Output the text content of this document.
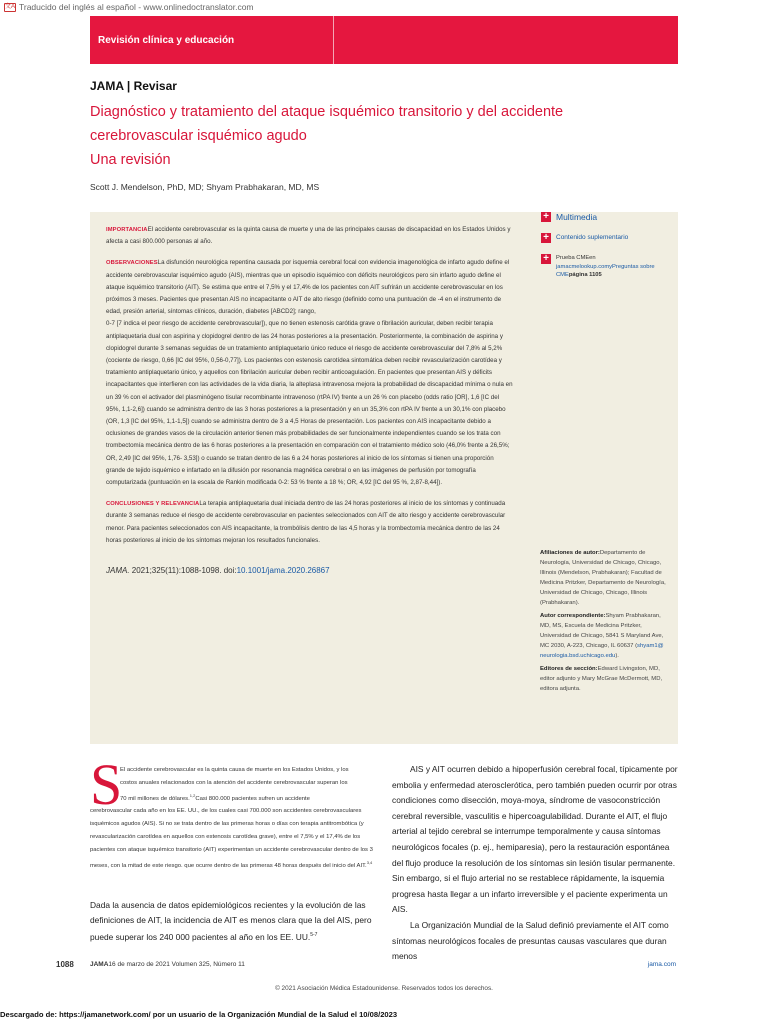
文A Traducido del inglés al español - www.onlinedoctranslator.com
Revisión clínica y educación
JAMA | Revisar
Diagnóstico y tratamiento del ataque isquémico transitorio y del accidente
cerebrovascular isquémico agudo
Una revisión
Scott J. Mendelson, PhD, MD; Shyam Prabhakaran, MD, MS
IMPORTANCIAEl accidente cerebrovascular es la quinta causa de muerte y una de las principales causas de discapacidad en los Estados Unidos y afecta a casi 800.000 personas al año.
OBSERVACIONESLa disfunción neurológica repentina causada por isquemia cerebral focal con evidencia imagenológica de infarto agudo define el accidente cerebrovascular isquémico agudo (AIS), mientras que un episodio isquémico con déficits neurológicos pero sin infarto agudo define el ataque isquémico transitorio (AIT). Se estima que entre el 7,5% y el 17,4% de los pacientes con AIT sufrirán un accidente cerebrovascular en los próximos 3 meses. Pacientes que presentan AIS no incapacitante o AIT de alto riesgo (definido como una puntuación de -4 en el instrumento de edad, presión arterial, síntomas clínicos, duración, diabetes [ABCD2]; rango,
0-7 [7 indica el peor riesgo de accidente cerebrovascular]), que no tienen estenosis carótida grave o fibrilación auricular, deben recibir terapia antiplaquetaria dual con aspirina y clopidogrel dentro de las 24 horas posteriores a la presentación. Posteriormente, la combinación de aspirina y clopidogrel durante 3 semanas seguidas de un tratamiento antiplaquetario único reduce el riesgo de accidente cerebrovascular del 7,8% al 5,2% (cociente de riesgo, 0,66 [IC del 95%, 0,56-0,77]). Los pacientes con estenosis carotídea sintomática deben recibir revascularización carotídea y tratamiento antiplaquetario único, y aquellos con fibrilación auricular deben recibir anticoagulación. En pacientes que presentan AIS y déficits incapacitantes que interfieren con las actividades de la vida diaria, la alteplasa intravenosa mejora la probabilidad de discapacidad mínima o nula en un 39 % con el activador del plasminógeno tisular recombinante intravenoso (rtPA IV) frente a un 26 % con placebo (odds ratio [OR], 1,6 [IC del 95%, 1,1-2,6]) cuando se administra dentro de las 3 horas posteriores a la presentación y en un 35,3% con rtPA IV frente a un 30,1% con placebo (OR, 1,3 [IC del 95%, 1,1-1,5]) cuando se administra dentro de 3 a 4,5 Horas de presentación. Los pacientes con AIS incapacitante debido a oclusiones de grandes vasos de la circulación anterior tienen más probabilidades de ser funcionalmente independientes cuando se los trata con trombectomía mecánica dentro de las 6 horas posteriores a la presentación en comparación con el tratamiento médico solo (46,0% frente a 26,5%; OR, 2,49 [IC del 95%, 1,76- 3,53]) o cuando se tratan dentro de las 6 a 24 horas posteriores al inicio de los síntomas si tienen una proporción grande de tejido isquémico e infartado en la difusión por resonancia magnética cerebral o en las imágenes de perfusión por tomografía computarizada (puntuación en la escala de Rankin modificada 0-2: 53 % frente a 18 %; OR, 4,92 [IC del 95 %, 2,87-8,44]).
CONCLUSIONES Y RELEVANCIALa terapia antiplaquetaria dual iniciada dentro de las 24 horas posteriores al inicio de los síntomas y continuada durante 3 semanas reduce el riesgo de accidente cerebrovascular en pacientes seleccionados con AIT de alto riesgo y accidente cerebrovascular menor. Para pacientes seleccionados con AIS incapacitante, la trombólisis dentro de las 4,5 horas y la trombectomía mecánica dentro de las 24 horas posteriores al inicio de los síntomas mejoran los resultados funcionales.
JAMA. 2021;325(11):1088-1098. doi:10.1001/jama.2020.26867
+ Multimedia
+	Contenido suplementario
+	Prueba CMEen
jamacmelookup.comyPreguntas sobre CMEpágina 1105

Afiliaciones de autor:Departamento de Neurología, Universidad de Chicago, Chicago, Illinois (Mendelson, Prabhakaran); Facultad de Medicina Pritzker, Departamento de Neurología, Universidad de Chicago, Chicago, Illinois (Prabhakaran).

Autor correspondiente:Shyam Prabhakaran, MD, MS, Escuela de Medicina Pritzker, Universidad de Chicago, 5841 S Maryland Ave, MC 2030, A-223, Chicago, IL 60637 (shyam1@ neurologia.bsd.uchicago.edu).

Editores de sección:Edward Livingston, MD, editor adjunto y Mary McGrae McDermott, MD, editora adjunta.

S
El accidente cerebrovascular es la quinta causa de muerte en los Estados Unidos, y los
costos anuales relacionados con la atención del accidente cerebrovascular superan los
70 mil millones de dólares.$^{1,2}$Casi 800.000 pacientes sufren un accidente
cerebrovascular cada año en los EE. UU., de los cuales casi 700.000 son accidentes cerebrovasculares isquémicos agudos (AIS). Si no se trata dentro de las primeras horas o días con terapia antitrombótica (y revascularización carotídea en aquellos con estenosis carotídea grave), entre el 7,5% y el 17,4% de los pacientes con ataque isquémico transitorio (AIT) experimentan un accidente cerebrovascular dentro de los 3 meses, con la mitad de este riesgo. que ocurre dentro de las primeras 48 horas después del inicio del AIT.$^{3,4}$
Dada la ausencia de datos epidemiológicos recientes y la evolución de las definiciones de AIT, la incidencia de AIT es menos clara que la del AIS, pero puede superar los 240 000 pacientes al año en los EE. UU.$^{5-7}$

AIS y AIT ocurren debido a hipoperfusión cerebral focal, típicamente por embolia y enfermedad aterosclerótica, pero también pueden ocurrir por otras condiciones como disección, moya-moya, síndrome de vasoconstricción cerebral reversible, vasculitis e hipercoagulabilidad. Durante el AIT, el flujo arterial al tejido cerebral se interrumpe temporalmente y causa síntomas neurológicos focales (p. ej., hemiparesia), pero la restauración espontánea del flujo produce la resolución de los síntomas sin lesión tisular permanente. Sin embargo, si el flujo arterial no se restablece rápidamente, la isquemia progresa hasta llegar a un infarto irreversible y el paciente experimenta un AIS.

La Organización Mundial de la Salud definió previamente el AIT como síntomas neurológicos focales de presuntas causas vasculares que duran menos

1088 JAMA16 de marzo de 2021 Volumen 325, Número 11	jama.com
© 2021 Asociación Médica Estadounidense. Reservados todos los derechos.
Descargado de: https://jamanetwork.com/ por un usuario de la Organización Mundial de la Salud el 10/08/2023
